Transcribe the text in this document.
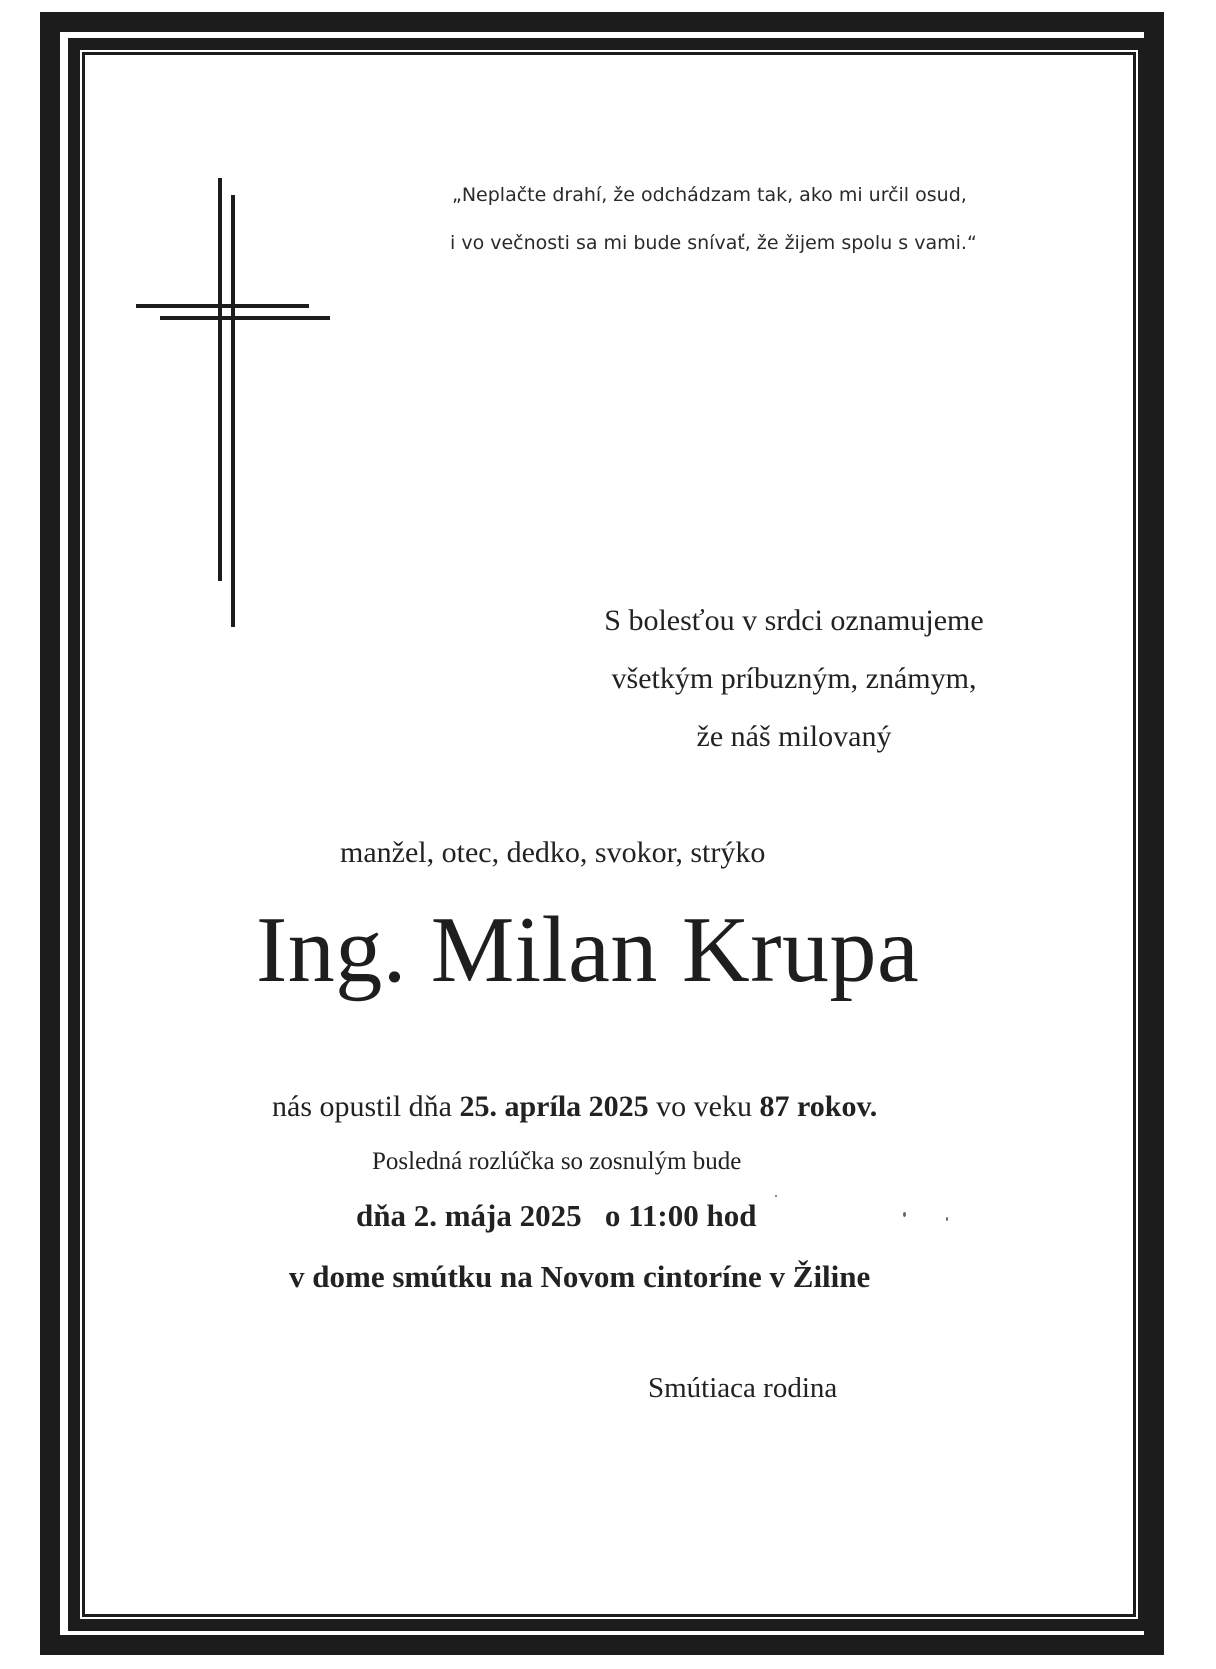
„Neplačte drahí, že odchádzam tak, ako mi určil osud,

i vo večnosti sa mi bude snívať, že žijem spolu s vami.“

S bolesťou v srdci oznamujeme

všetkým príbuzným, známym,

že náš milovaný

manžel, otec, dedko, svokor, strýko

Ing. Milan Krupa

nás opustil dňa 25. apríla 2025 vo veku 87 rokov.

Posledná rozlúčka so zosnulým bude

dňa 2. mája 2025 o 11:00 hod

v dome smútku na Novom cintoríne v Žiline

Smútiaca rodina
